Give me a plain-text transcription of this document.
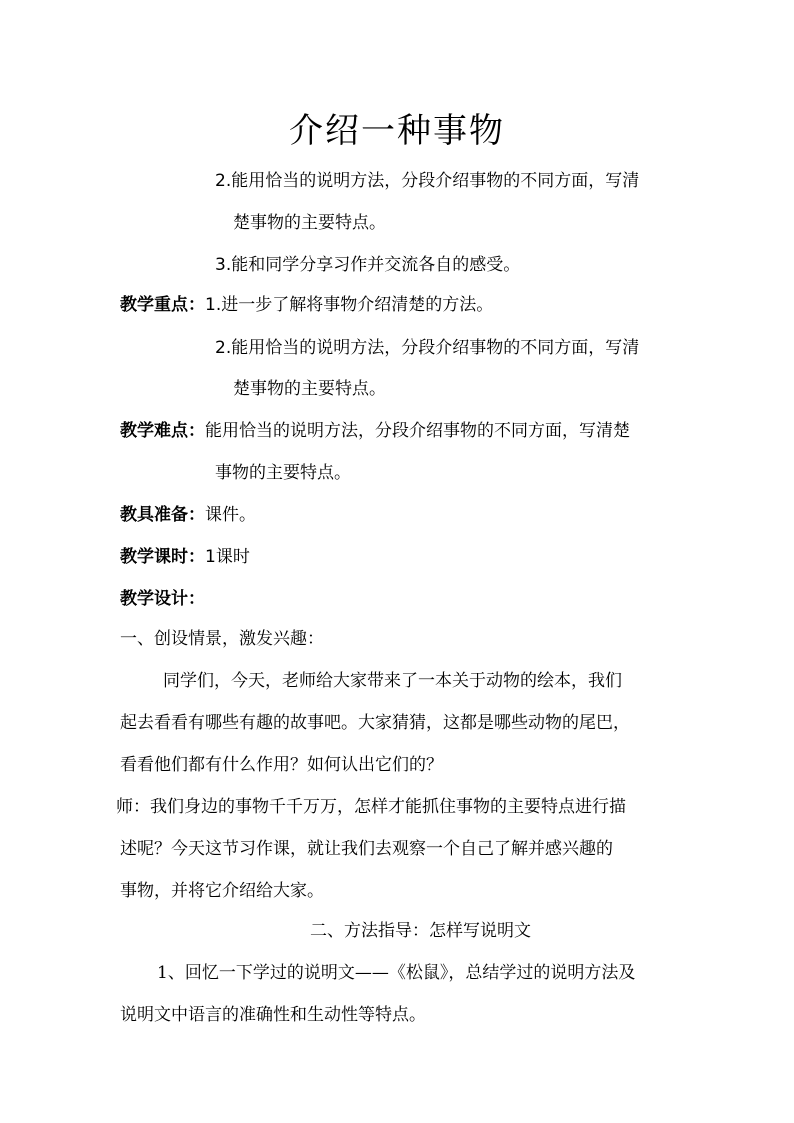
介绍一种事物
2.能用恰当的说明方法，分段介绍事物的不同方面，写清
楚事物的主要特点。
3.能和同学分享习作并交流各自的感受。
教学重点：1.进一步了解将事物介绍清楚的方法。
2.能用恰当的说明方法，分段介绍事物的不同方面，写清
楚事物的主要特点。
教学难点：能用恰当的说明方法，分段介绍事物的不同方面，写清楚
事物的主要特点。
教具准备：课件。
教学课时：1课时
教学设计：
一、创设情景，激发兴趣：
同学们，今天，老师给大家带来了一本关于动物的绘本，我们
起去看看有哪些有趣的故事吧。大家猜猜，这都是哪些动物的尾巴，
看看他们都有什么作用？如何认出它们的？
师：我们身边的事物千千万万，怎样才能抓住事物的主要特点进行描
述呢？今天这节习作课，就让我们去观察一个自己了解并感兴趣的
事物，并将它介绍给大家。
二、方法指导：怎样写说明文
1、回忆一下学过的说明文——《松鼠》，总结学过的说明方法及
说明文中语言的准确性和生动性等特点。
